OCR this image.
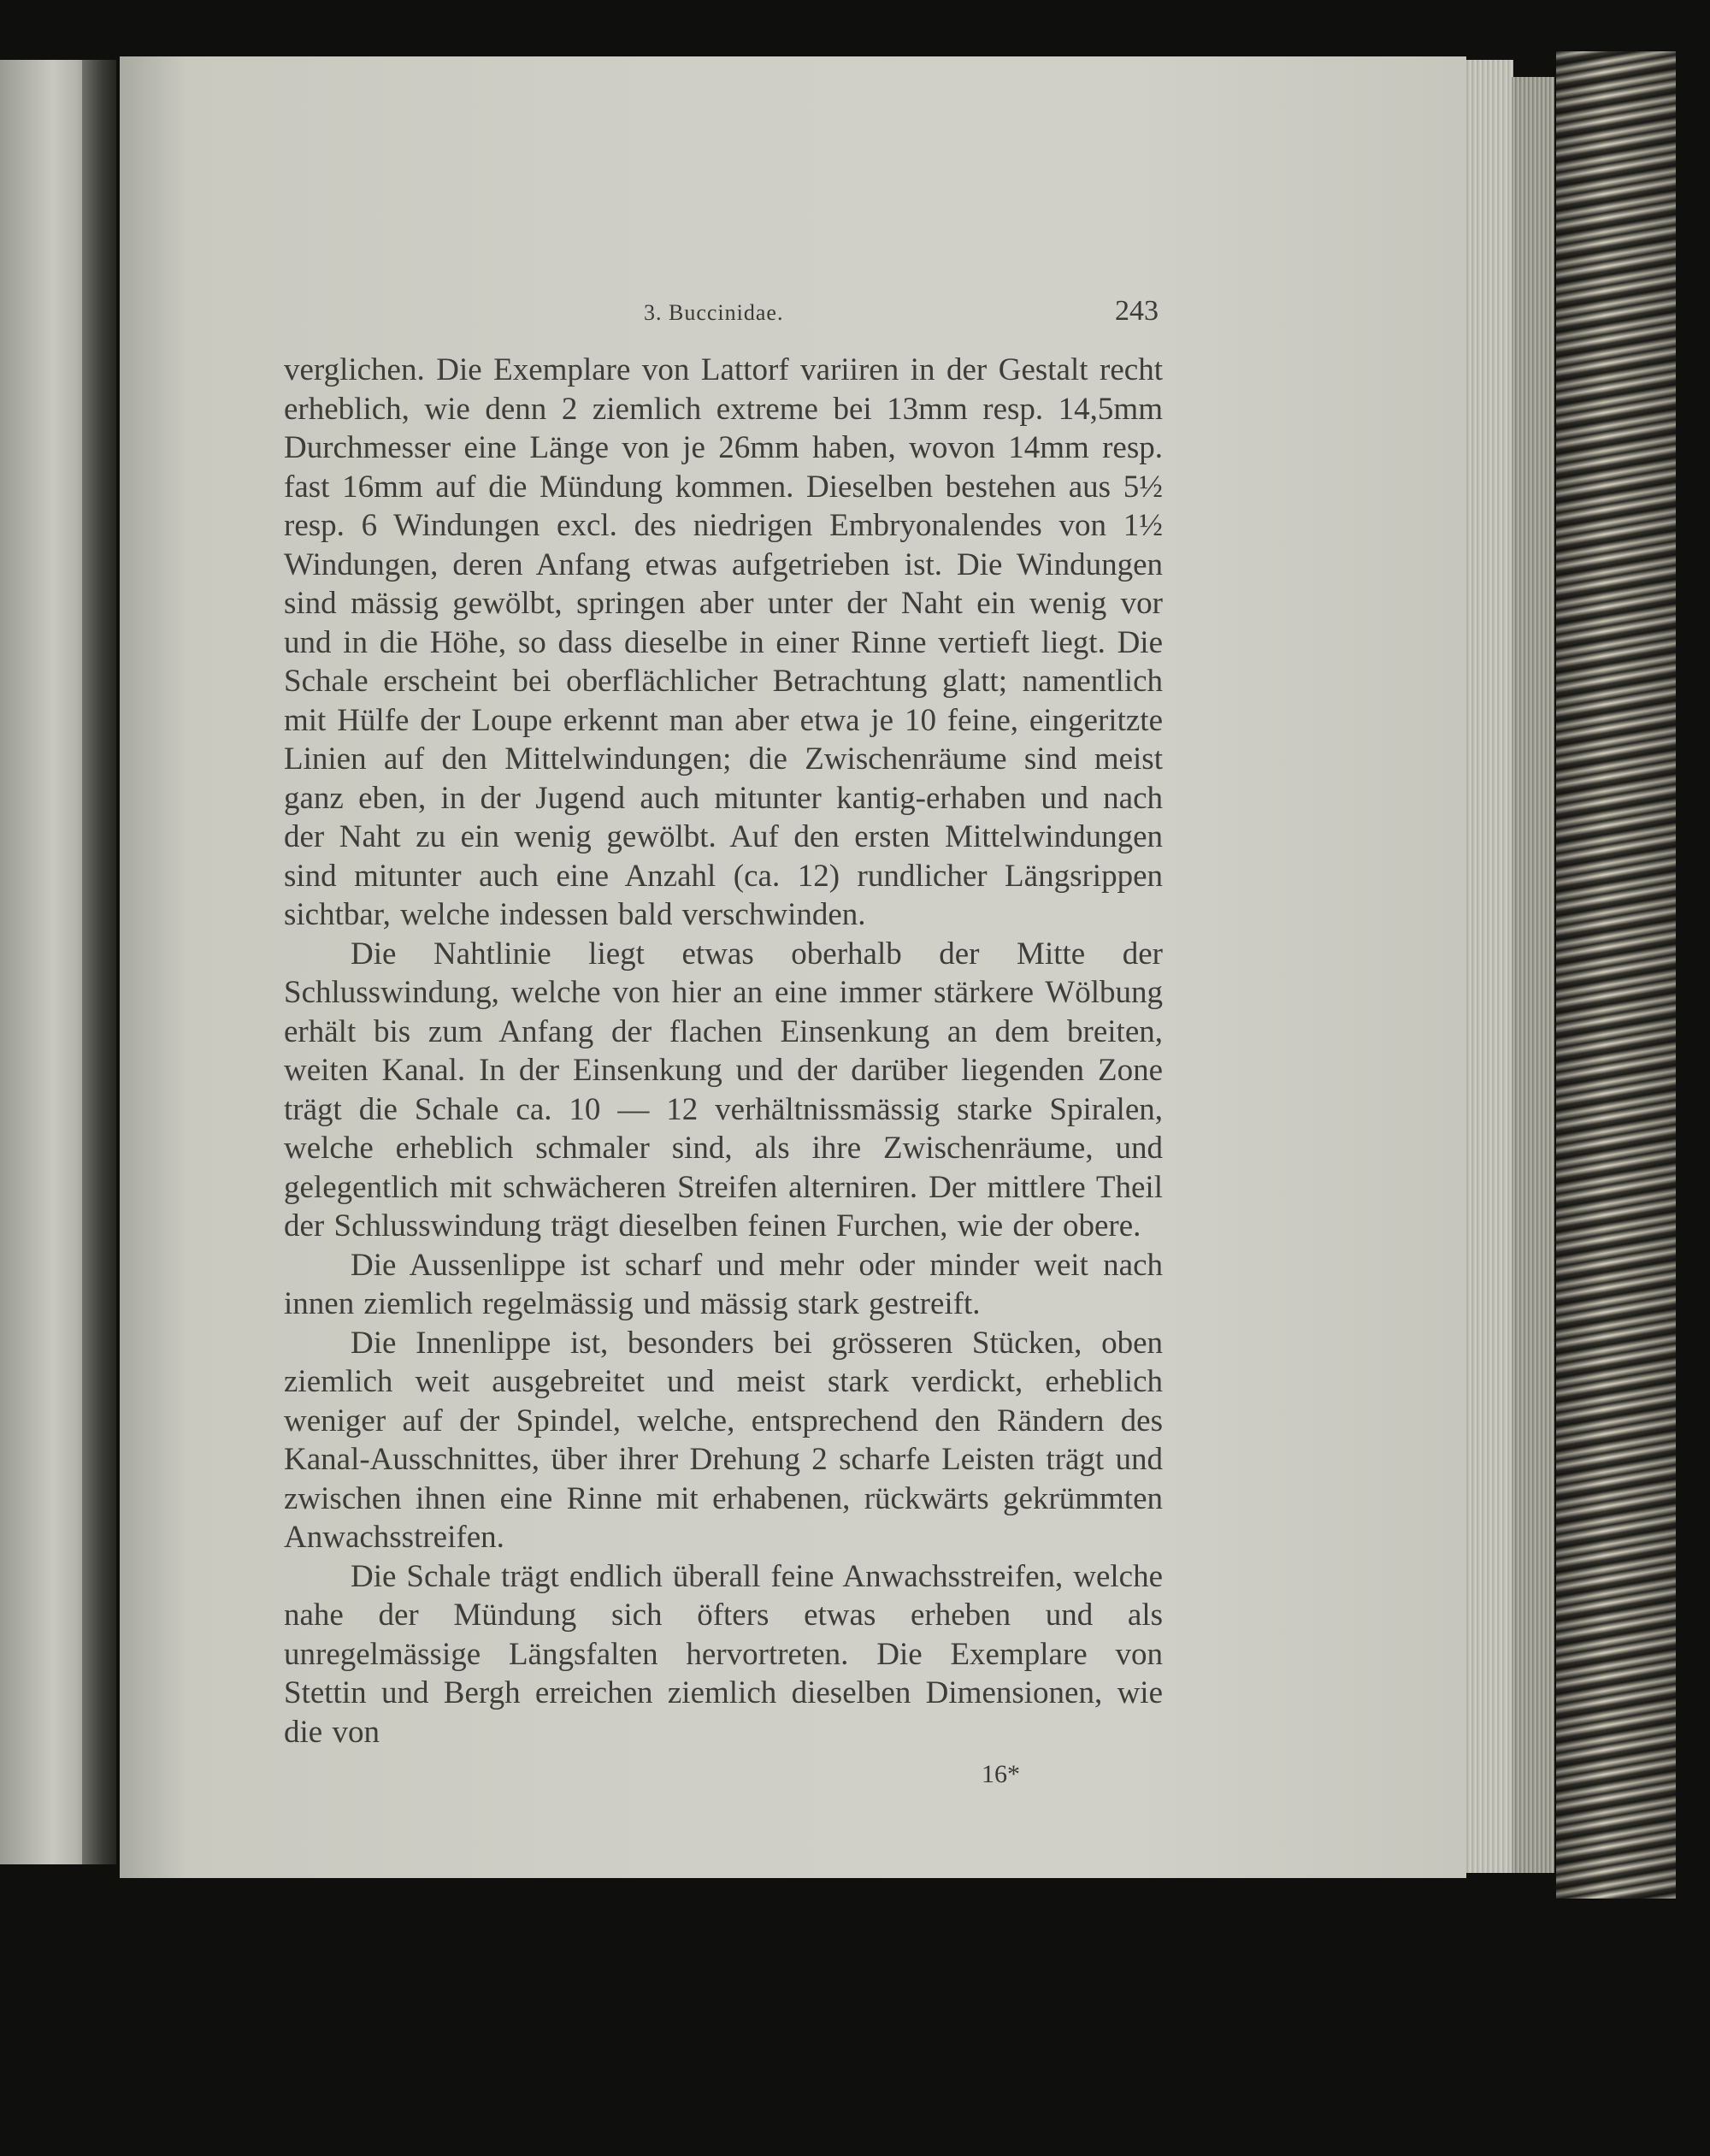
3. Buccinidae.	243

verglichen. Die Exemplare von Lattorf variiren in der Gestalt recht erheblich, wie denn 2 ziemlich extreme bei 13mm resp. 14,5mm Durchmesser eine Länge von je 26mm haben, wovon 14mm resp. fast 16mm auf die Mündung kommen. Dieselben bestehen aus 5½ resp. 6 Windungen excl. des niedrigen Embryonalendes von 1½ Windungen, deren Anfang etwas aufgetrieben ist. Die Windungen sind mässig gewölbt, springen aber unter der Naht ein wenig vor und in die Höhe, so dass dieselbe in einer Rinne vertieft liegt. Die Schale erscheint bei oberflächlicher Betrachtung glatt; namentlich mit Hülfe der Loupe erkennt man aber etwa je 10 feine, eingeritzte Linien auf den Mittelwindungen; die Zwischenräume sind meist ganz eben, in der Jugend auch mitunter kantig-erhaben und nach der Naht zu ein wenig gewölbt. Auf den ersten Mittelwindungen sind mitunter auch eine Anzahl (ca. 12) rundlicher Längsrippen sichtbar, welche indessen bald verschwinden.

Die Nahtlinie liegt etwas oberhalb der Mitte der Schlusswindung, welche von hier an eine immer stärkere Wölbung erhält bis zum Anfang der flachen Einsenkung an dem breiten, weiten Kanal. In der Einsenkung und der darüber liegenden Zone trägt die Schale ca. 10 — 12 verhältnissmässig starke Spiralen, welche erheblich schmaler sind, als ihre Zwischenräume, und gelegentlich mit schwächeren Streifen alterniren. Der mittlere Theil der Schlusswindung trägt dieselben feinen Furchen, wie der obere.

Die Aussenlippe ist scharf und mehr oder minder weit nach innen ziemlich regelmässig und mässig stark gestreift.

Die Innenlippe ist, besonders bei grösseren Stücken, oben ziemlich weit ausgebreitet und meist stark verdickt, erheblich weniger auf der Spindel, welche, entsprechend den Rändern des Kanal-Ausschnittes, über ihrer Drehung 2 scharfe Leisten trägt und zwischen ihnen eine Rinne mit erhabenen, rückwärts gekrümmten Anwachsstreifen.

Die Schale trägt endlich überall feine Anwachsstreifen, welche nahe der Mündung sich öfters etwas erheben und als unregelmässige Längsfalten hervortreten. Die Exemplare von Stettin und Bergh erreichen ziemlich dieselben Dimensionen, wie die von

16*
